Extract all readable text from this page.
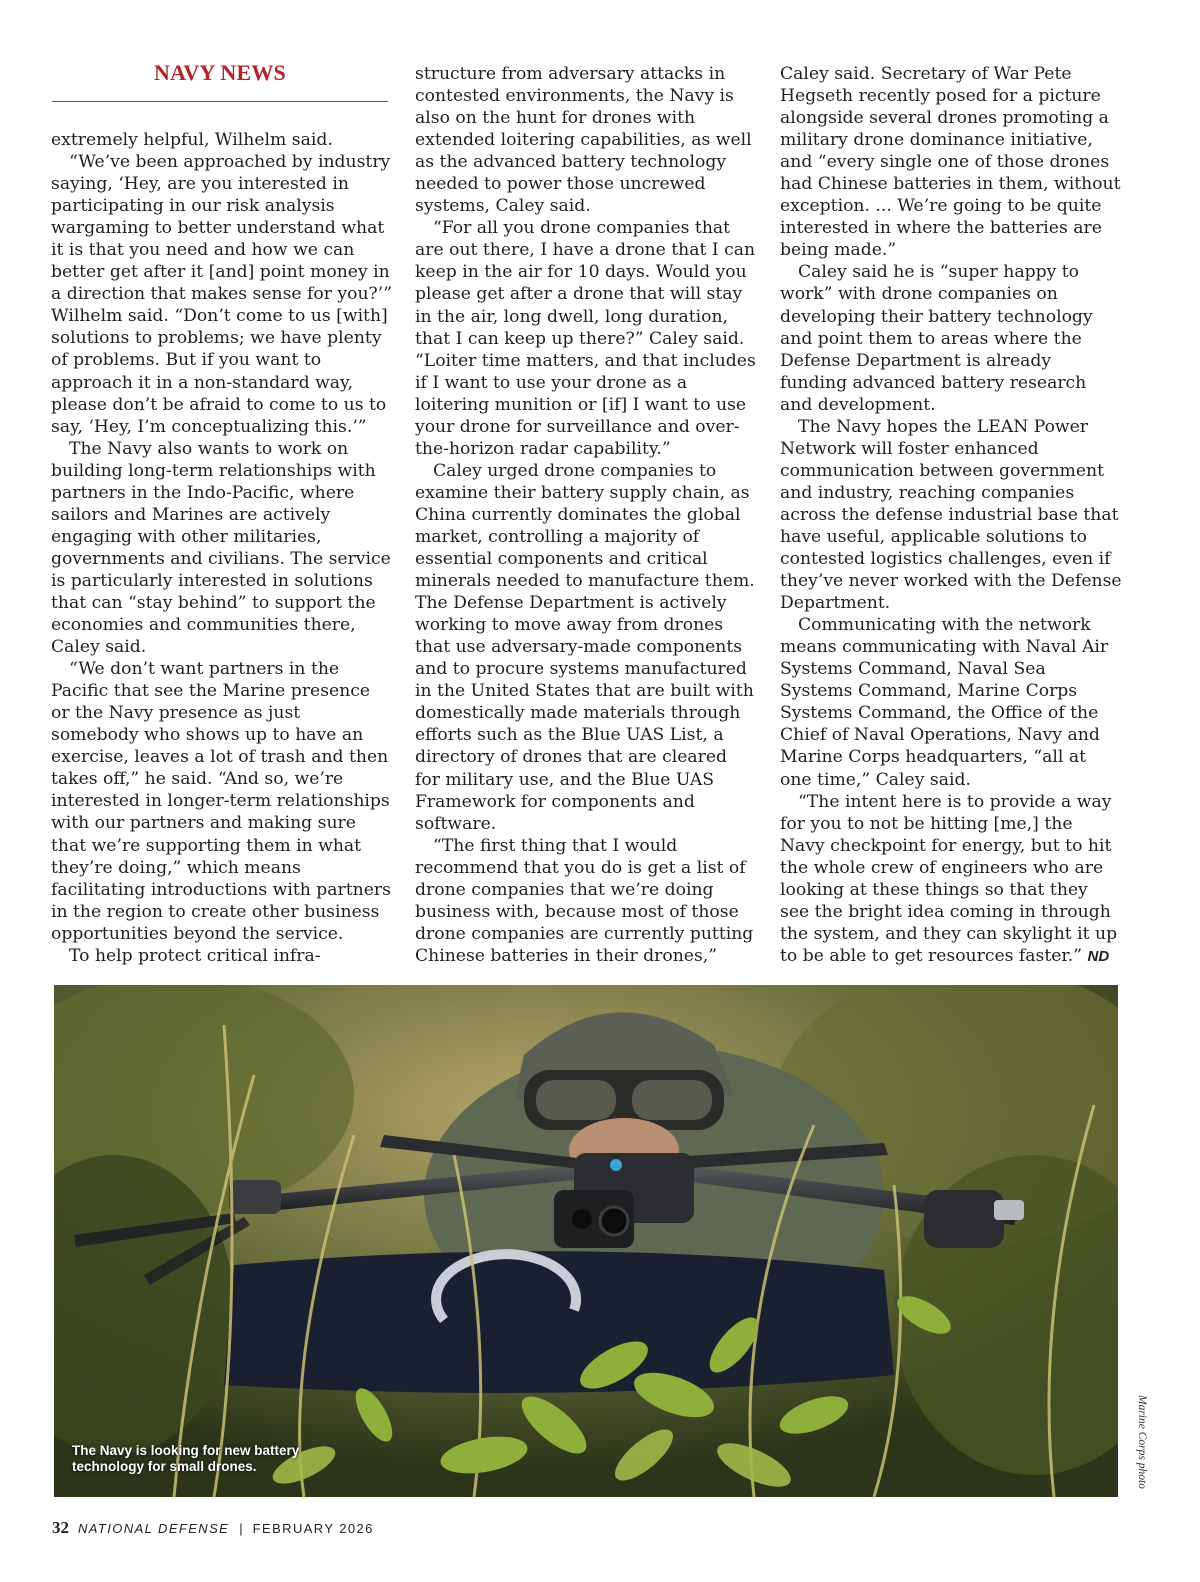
NAVY NEWS

extremely helpful, Wilhelm said.

“We’ve been approached by industry saying, ‘Hey, are you interested in participating in our risk analysis wargaming to better understand what it is that you need and how we can better get after it [and] point money in a direction that makes sense for you?’” Wilhelm said. “Don’t come to us [with] solutions to problems; we have plenty of problems. But if you want to approach it in a non-standard way, please don’t be afraid to come to us to say, ‘Hey, I’m conceptualizing this.’”

The Navy also wants to work on building long-term relationships with partners in the Indo-Pacific, where sailors and Marines are actively engaging with other militaries, governments and civilians. The service is particularly interested in solutions that can “stay behind” to support the economies and communities there, Caley said.

“We don’t want partners in the Pacific that see the Marine presence or the Navy presence as just somebody who shows up to have an exercise, leaves a lot of trash and then takes off,” he said. “And so, we’re interested in longer-term relationships with our partners and making sure that we’re supporting them in what they’re doing,” which means facilitating introductions with partners in the region to create other business opportunities beyond the service.

To help protect critical infra-

structure from adversary attacks in contested environments, the Navy is also on the hunt for drones with extended loitering capabilities, as well as the advanced battery technology needed to power those uncrewed systems, Caley said.

“For all you drone companies that are out there, I have a drone that I can keep in the air for 10 days. Would you please get after a drone that will stay in the air, long dwell, long duration, that I can keep up there?” Caley said. “Loiter time matters, and that includes if I want to use your drone as a loitering munition or [if] I want to use your drone for surveillance and over-the-horizon radar capability.”

Caley urged drone companies to examine their battery supply chain, as China currently dominates the global market, controlling a majority of essential components and critical minerals needed to manufacture them. The Defense Department is actively working to move away from drones that use adversary-made components and to procure systems manufactured in the United States that are built with domestically made materials through efforts such as the Blue UAS List, a directory of drones that are cleared for military use, and the Blue UAS Framework for components and software.

“The first thing that I would recommend that you do is get a list of drone companies that we’re doing business with, because most of those drone companies are currently putting Chinese batteries in their drones,”

Caley said. Secretary of War Pete Hegseth recently posed for a picture alongside several drones promoting a military drone dominance initiative, and “every single one of those drones had Chinese batteries in them, without exception. ... We’re going to be quite interested in where the batteries are being made.”

Caley said he is “super happy to work” with drone companies on developing their battery technology and point them to areas where the Defense Department is already funding advanced battery research and development.

The Navy hopes the LEAN Power Network will foster enhanced communication between government and industry, reaching companies across the defense industrial base that have useful, applicable solutions to contested logistics challenges, even if they’ve never worked with the Defense Department.

Communicating with the network means communicating with Naval Air Systems Command, Naval Sea Systems Command, Marine Corps Systems Command, the Office of the Chief of Naval Operations, Navy and Marine Corps headquarters, “all at one time,” Caley said.

“The intent here is to provide a way for you to not be hitting [me,] the Navy checkpoint for energy, but to hit the whole crew of engineers who are looking at these things so that they see the bright idea coming in through the system, and they can skylight it up to be able to get resources faster.” ND

The Navy is looking for new battery technology for small drones.	Marine Corps photo
32 NATIONAL DEFENSE | FEBRUARY 2026
